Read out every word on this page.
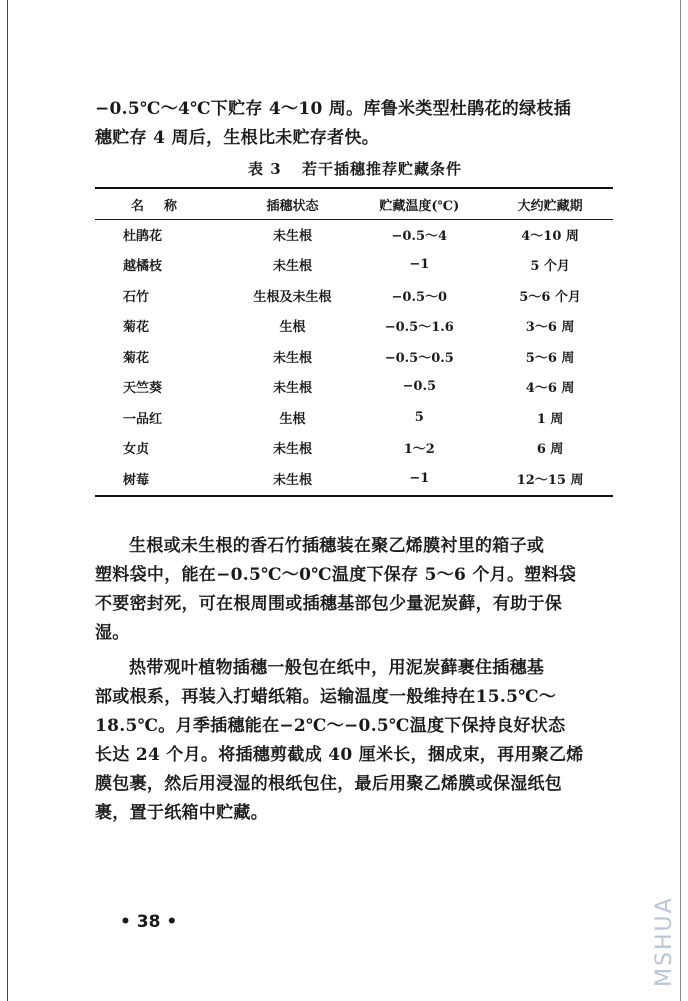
−0.5℃～4℃下贮存 4～10 周。库鲁米类型杜鹃花的绿枝插

穗贮存 4 周后，生根比未贮存者快。

表 3 若干插穗推荐贮藏条件
名称	插穗状态	贮藏温度(℃)	大约贮藏期
杜鹃花	未生根	−0.5～4	4～10 周
越橘枝	未生根	−1	5 个月
石竹	生根及未生根	−0.5～0	5～6 个月
菊花	生根	−0.5～1.6	3～6 周
菊花	未生根	−0.5～0.5	5～6 周
天竺葵	未生根	−0.5	4～6 周
一品红	生根	5	1 周
女贞	未生根	1～2	6 周
树莓	未生根	−1	12～15 周

生根或未生根的香石竹插穗装在聚乙烯膜衬里的箱子或

塑料袋中，能在−0.5℃～0℃温度下保存 5～6 个月。塑料袋

不要密封死，可在根周围或插穗基部包少量泥炭藓，有助于保

湿。

热带观叶植物插穗一般包在纸中，用泥炭藓裹住插穗基

部或根系，再装入打蜡纸箱。运输温度一般维持在15.5℃～

18.5℃。月季插穗能在−2℃～−0.5℃温度下保持良好状态

长达 24 个月。将插穗剪截成 40 厘米长，捆成束，再用聚乙烯

膜包裹，然后用浸湿的根纸包住，最后用聚乙烯膜或保湿纸包

裹，置于纸箱中贮藏。

• 38 •	MSHUA
